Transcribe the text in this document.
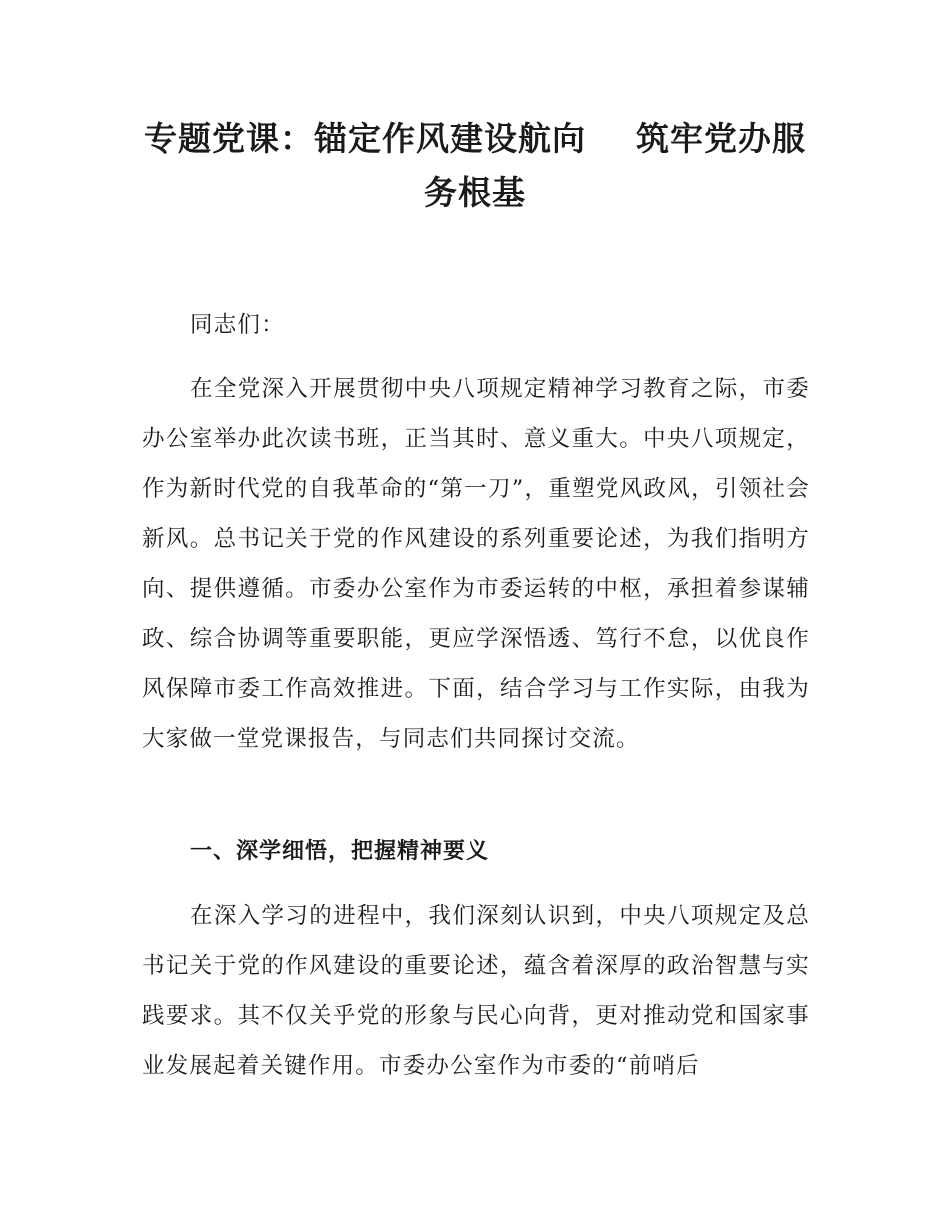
专题党课：锚定作风建设航向 筑牢党办服务根基

同志们：

在全党深入开展贯彻中央八项规定精神学习教育之际，市委办公室举办此次读书班，正当其时、意义重大。中央八项规定，作为新时代党的自我革命的“第一刀”，重塑党风政风，引领社会新风。总书记关于党的作风建设的系列重要论述，为我们指明方向、提供遵循。市委办公室作为市委运转的中枢，承担着参谋辅政、综合协调等重要职能，更应学深悟透、笃行不怠，以优良作风保障市委工作高效推进。下面，结合学习与工作实际，由我为大家做一堂党课报告，与同志们共同探讨交流。

一、深学细悟，把握精神要义

在深入学习的进程中，我们深刻认识到，中央八项规定及总书记关于党的作风建设的重要论述，蕴含着深厚的政治智慧与实践要求。其不仅关乎党的形象与民心向背，更对推动党和国家事业发展起着关键作用。市委办公室作为市委的“前哨后
